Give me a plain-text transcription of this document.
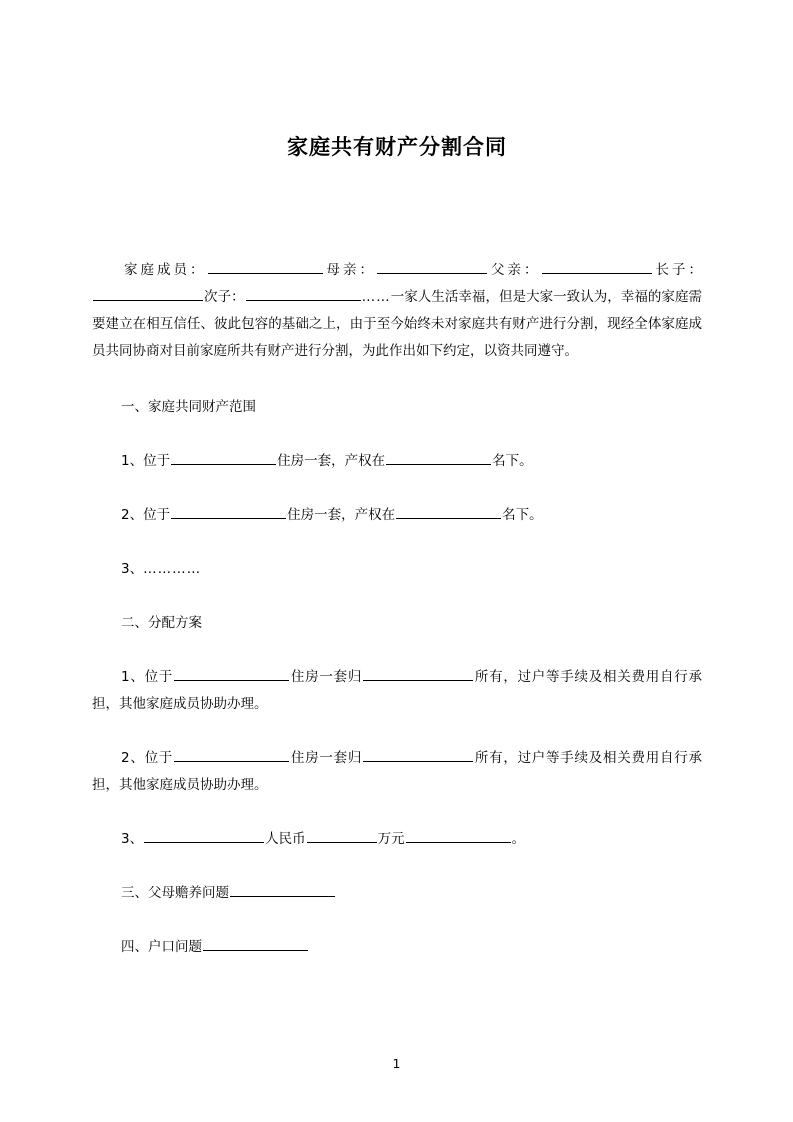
家庭共有财产分割合同
家庭成员：	母亲：	父亲：	长子：次子：	……一家人生活幸福，但是大家一致认为，幸福的家庭需要建立在相互信任、彼此包容的基础之上，由于至今始终未对家庭共有财产进行分割，现经全体家庭成员共同协商对目前家庭所共有财产进行分割，为此作出如下约定，以资共同遵守。
一、家庭共同财产范围
1、位于	住房一套，产权在	名下。
2、位于	住房一套，产权在	名下。
3、…………
二、分配方案
1、位于	住房一套归	所有，过户等手续及相关费用自行承担，其他家庭成员协助办理。
2、位于	住房一套归	所有，过户等手续及相关费用自行承担，其他家庭成员协助办理。
3、	人民币	万元	。
三、父母赡养问题
四、户口问题
1
